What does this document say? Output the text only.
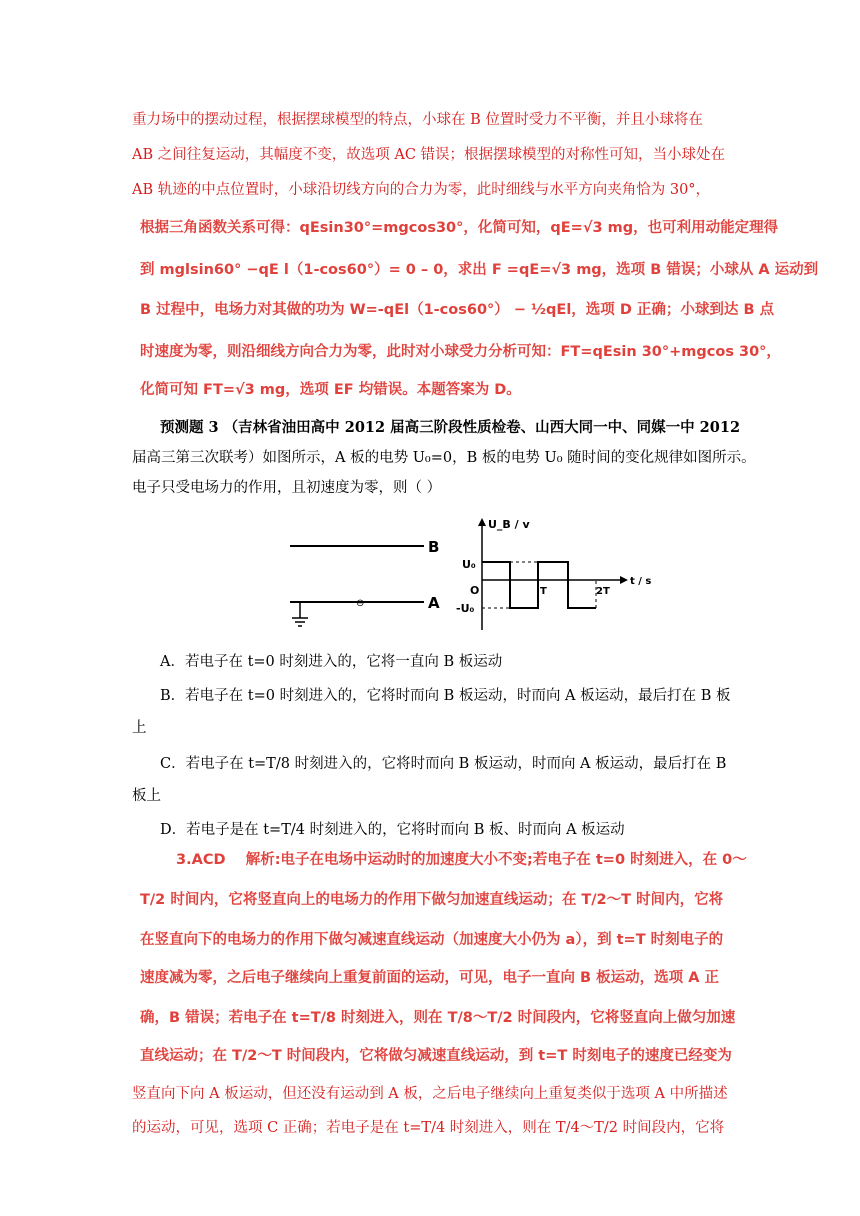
重力场中的摆动过程，根据摆球模型的特点，小球在 B 位置时受力不平衡，并且小球将在
AB 之间往复运动，其幅度不变，故选项 AC 错误；根据摆球模型的对称性可知，当小球处在
AB 轨迹的中点位置时，小球沿切线方向的合力为零，此时细线与水平方向夹角恰为 30°，
根据三角函数关系可得：qEsin30°=mgcos30°，化简可知，qE=√3 mg，也可利用动能定理得
到 mglsin60° −qE l（1-cos60°）= 0 – 0，求出 F =qE=√3 mg，选项 B 错误；小球从 A 运动到
B 过程中，电场力对其做的功为 W=-qEl（1-cos60°） − ½qEl，选项 D 正确；小球到达 B 点
时速度为零，则沿细线方向合力为零，此时对小球受力分析可知：FT=qEsin 30°+mgcos 30°，
化简可知 FT=√3 mg，选项 EF 均错误。本题答案为 D。
预测题 3 （吉林省油田高中 2012 届高三阶段性质检卷、山西大同一中、同媒一中 2012
届高三第三次联考）如图所示，A 板的电势 U₀=0，B 板的电势 U₀ 随时间的变化规律如图所示。
电子只受电场力的作用，且初速度为零，则（ ）
B
A
⊖
U_B / v
t / s
U₀
-U₀
O	T	2T
A．若电子在 t=0 时刻进入的，它将一直向 B 板运动
B．若电子在 t=0 时刻进入的，它将时而向 B 板运动，时而向 A 板运动，最后打在 B 板
上
C．若电子在 t=T/8 时刻进入的，它将时而向 B 板运动，时而向 A 板运动，最后打在 B
板上
D．若电子是在 t=T/4 时刻进入的，它将时而向 B 板、时而向 A 板运动
3.ACD 解析:电子在电场中运动时的加速度大小不变;若电子在 t=0 时刻进入，在 0～
T/2 时间内，它将竖直向上的电场力的作用下做匀加速直线运动；在 T/2～T 时间内，它将
在竖直向下的电场力的作用下做匀减速直线运动（加速度大小仍为 a），到 t=T 时刻电子的
速度减为零，之后电子继续向上重复前面的运动，可见，电子一直向 B 板运动，选项 A 正
确，B 错误；若电子在 t=T/8 时刻进入，则在 T/8～T/2 时间段内，它将竖直向上做匀加速
直线运动；在 T/2～T 时间段内，它将做匀减速直线运动，到 t=T 时刻电子的速度已经变为
竖直向下向 A 板运动，但还没有运动到 A 板，之后电子继续向上重复类似于选项 A 中所描述
的运动，可见，选项 C 正确；若电子是在 t=T/4 时刻进入，则在 T/4～T/2 时间段内，它将
